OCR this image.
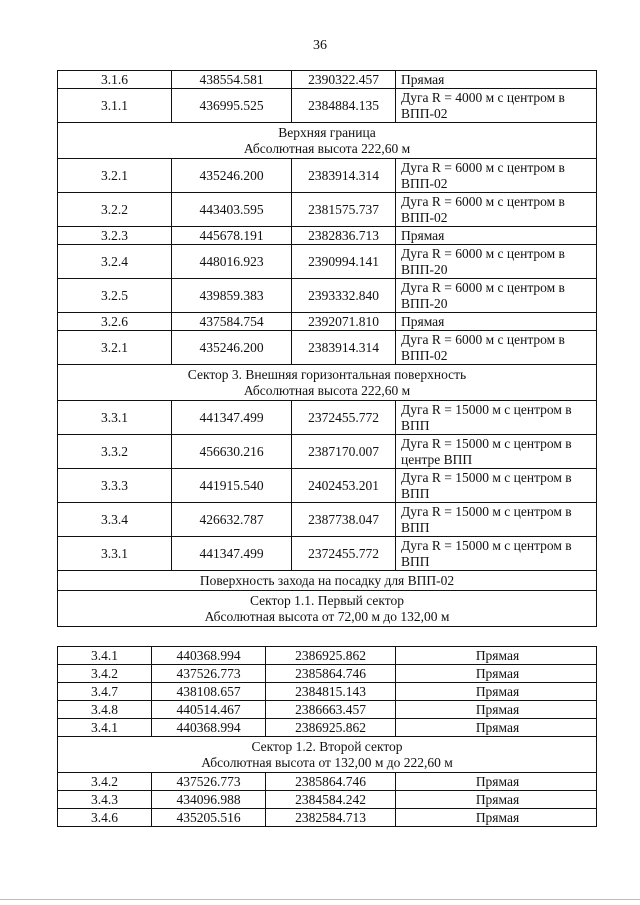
36
3.1.6	438554.581	2390322.457	Прямая
3.1.1	436995.525	2384884.135	Дуга R = 4000 м с центром в ВПП-02

Верхняя граница
Абсолютная высота 222,60 м			

3.2.1	435246.200	2383914.314	Дуга R = 6000 м с центром в ВПП-02
3.2.2	443403.595	2381575.737	Дуга R = 6000 м с центром в ВПП-02
3.2.3	445678.191	2382836.713	Прямая
3.2.4	448016.923	2390994.141	Дуга R = 6000 м с центром в ВПП-20
3.2.5	439859.383	2393332.840	Дуга R = 6000 м с центром в ВПП-20
3.2.6	437584.754	2392071.810	Прямая
3.2.1	435246.200	2383914.314	Дуга R = 6000 м с центром в ВПП-02

Сектор 3. Внешняя горизонтальная поверхность
Абсолютная высота 222,60 м			

3.3.1	441347.499	2372455.772	Дуга R = 15000 м с центром в ВПП
3.3.2	456630.216	2387170.007	Дуга R = 15000 м с центром в центре ВПП
3.3.3	441915.540	2402453.201	Дуга R = 15000 м с центром в ВПП
3.3.4	426632.787	2387738.047	Дуга R = 15000 м с центром в ВПП
3.3.1	441347.499	2372455.772	Дуга R = 15000 м с центром в ВПП
Поверхность захода на посадку для ВПП-02			

Сектор 1.1. Первый сектор
Абсолютная высота от 72,00 м до 132,00 м			
3.4.1	440368.994	2386925.862	Прямая
3.4.2	437526.773	2385864.746	Прямая
3.4.7	438108.657	2384815.143	Прямая
3.4.8	440514.467	2386663.457	Прямая
3.4.1	440368.994	2386925.862	Прямая

Сектор 1.2. Второй сектор
Абсолютная высота от 132,00 м до 222,60 м			

3.4.2	437526.773	2385864.746	Прямая
3.4.3	434096.988	2384584.242	Прямая
3.4.6	435205.516	2382584.713	Прямая
